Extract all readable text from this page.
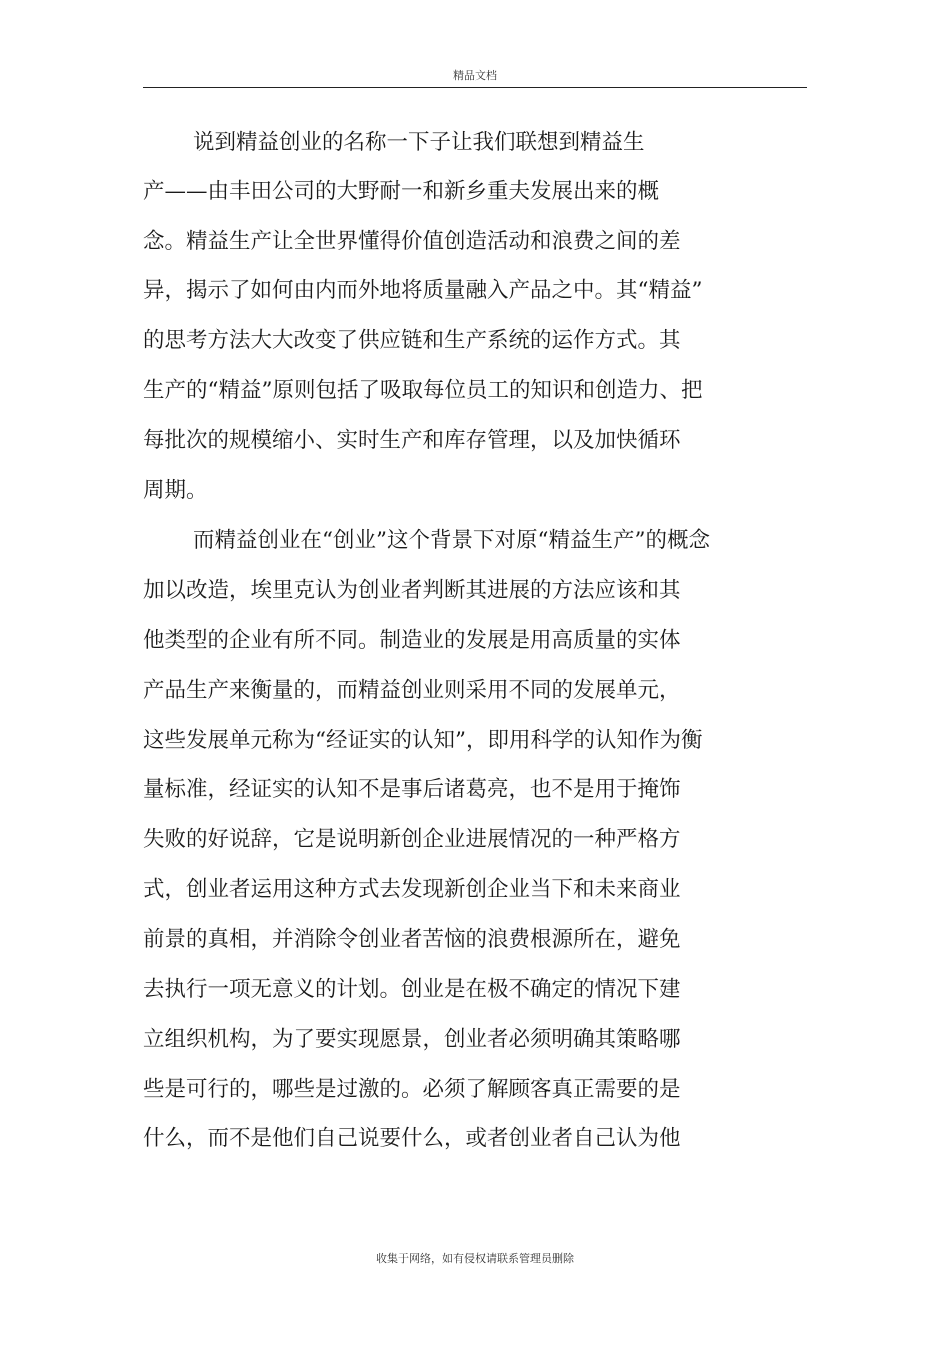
精品文档

说到精益创业的名称一下子让我们联想到精益生

产——由丰田公司的大野耐一和新乡重夫发展出来的概

念。精益生产让全世界懂得价值创造活动和浪费之间的差

异，揭示了如何由内而外地将质量融入产品之中。其“精益”

的思考方法大大改变了供应链和生产系统的运作方式。其

生产的“精益”原则包括了吸取每位员工的知识和创造力、把

每批次的规模缩小、实时生产和库存管理，以及加快循环

周期。

而精益创业在“创业”这个背景下对原“精益生产”的概念

加以改造，埃里克认为创业者判断其进展的方法应该和其

他类型的企业有所不同。制造业的发展是用高质量的实体

产品生产来衡量的，而精益创业则采用不同的发展单元，

这些发展单元称为“经证实的认知”，即用科学的认知作为衡

量标准，经证实的认知不是事后诸葛亮，也不是用于掩饰

失败的好说辞，它是说明新创企业进展情况的一种严格方

式，创业者运用这种方式去发现新创企业当下和未来商业

前景的真相，并消除令创业者苦恼的浪费根源所在，避免

去执行一项无意义的计划。创业是在极不确定的情况下建

立组织机构，为了要实现愿景，创业者必须明确其策略哪

些是可行的，哪些是过激的。必须了解顾客真正需要的是

什么，而不是他们自己说要什么，或者创业者自己认为他

收集于网络，如有侵权请联系管理员删除
